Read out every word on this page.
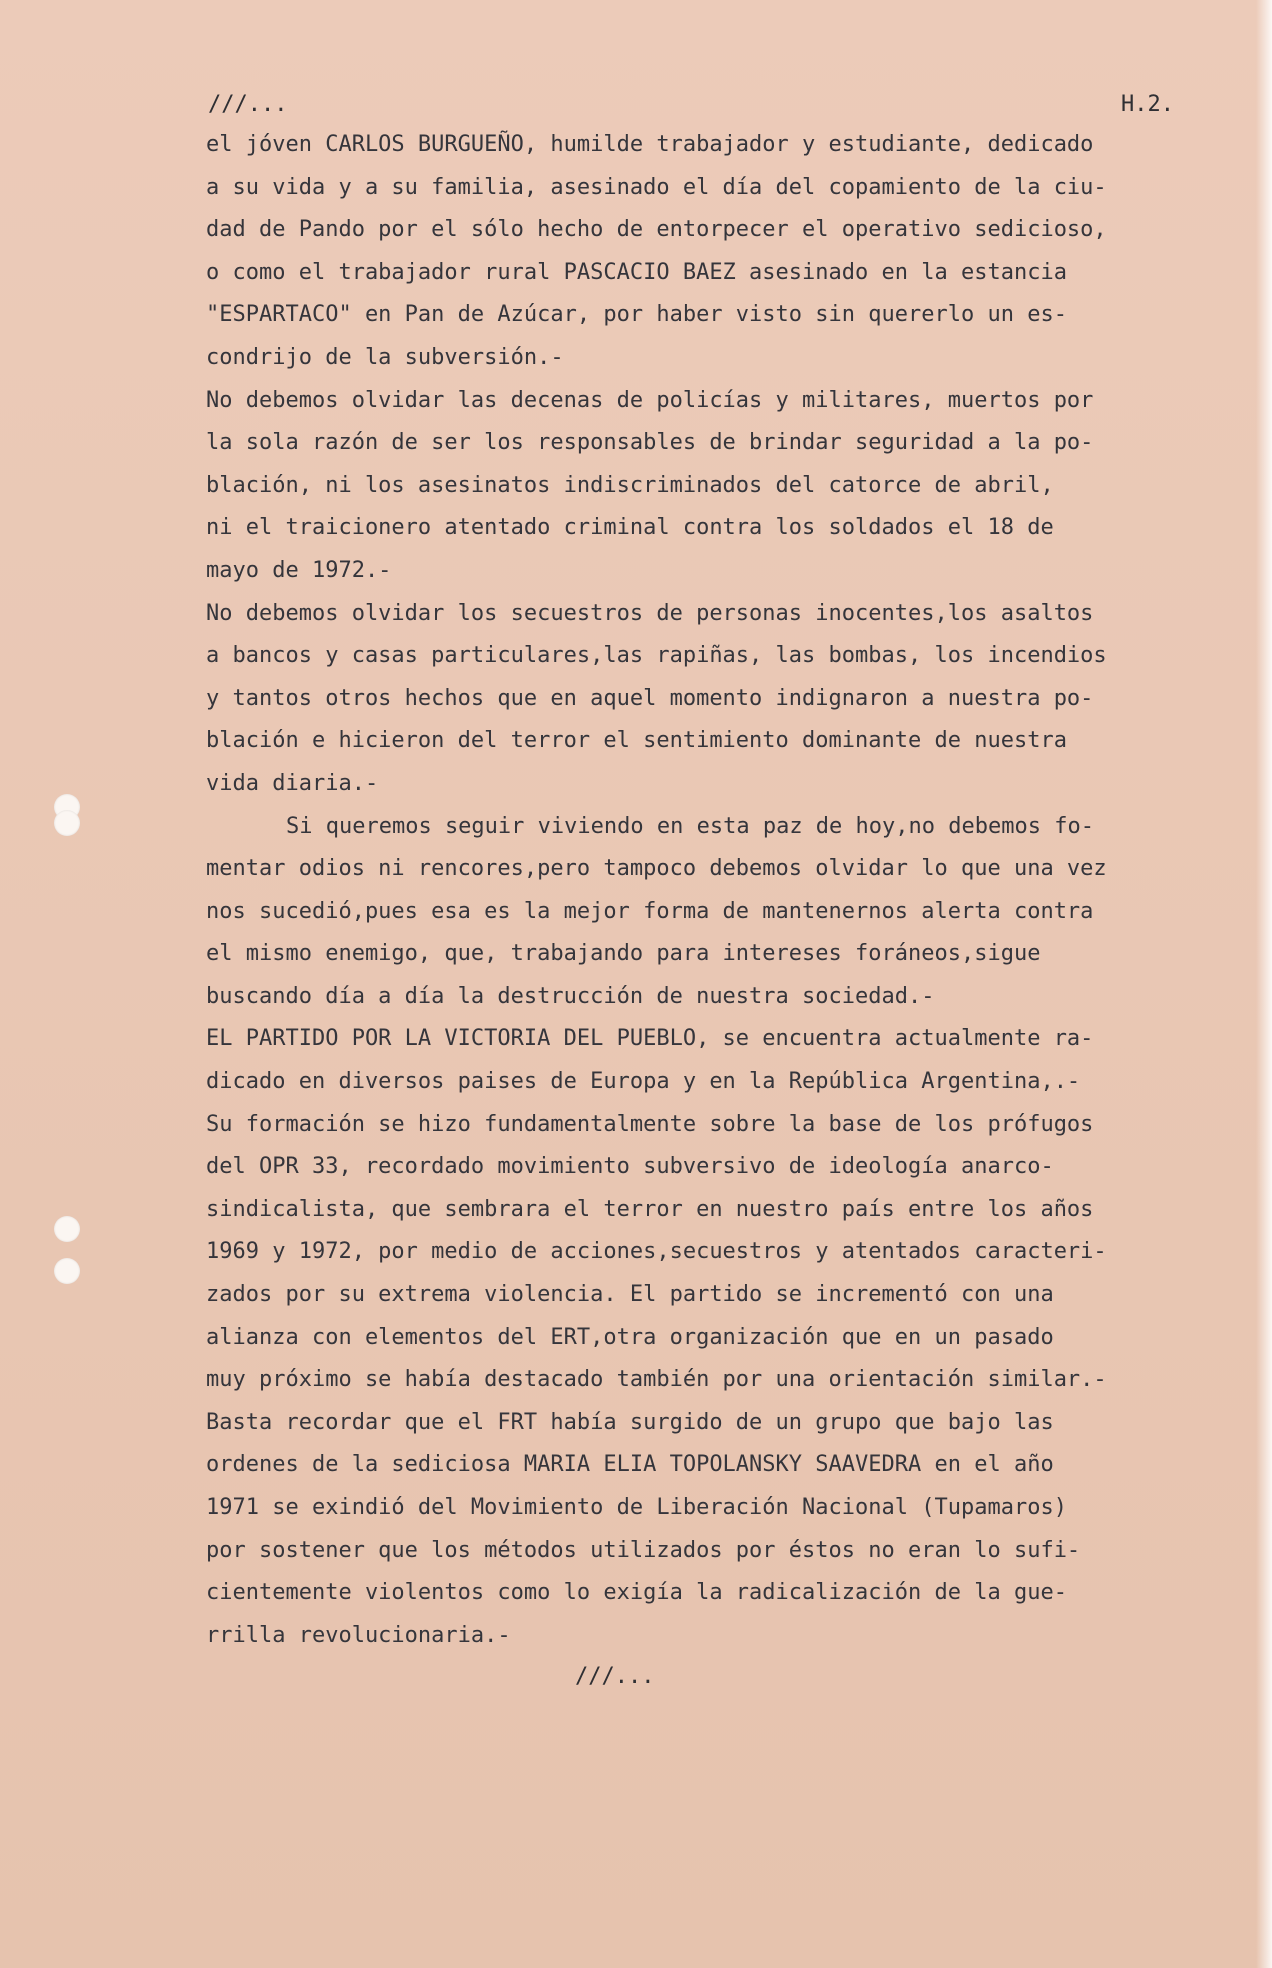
///...	H.2.
el jóven CARLOS BURGUEÑO, humilde trabajador y estudiante, dedicado
a su vida y a su familia, asesinado el día del copamiento de la ciu-
dad de Pando por el sólo hecho de entorpecer el operativo sedicioso,
o como el trabajador rural PASCACIO BAEZ asesinado en la estancia
"ESPARTACO" en Pan de Azúcar, por haber visto sin quererlo un es-
condrijo de la subversión.-
No debemos olvidar las decenas de policías y militares, muertos por
la sola razón de ser los responsables de brindar seguridad a la po-
blación, ni los asesinatos indiscriminados del catorce de abril,
ni el traicionero atentado criminal contra los soldados el 18 de
mayo de 1972.-
No debemos olvidar los secuestros de personas inocentes,los asaltos
a bancos y casas particulares,las rapiñas, las bombas, los incendios
y tantos otros hechos que en aquel momento indignaron a nuestra po-
blación e hicieron del terror el sentimiento dominante de nuestra
vida diaria.-
Si queremos seguir viviendo en esta paz de hoy,no debemos fo-
mentar odios ni rencores,pero tampoco debemos olvidar lo que una vez
nos sucedió,pues esa es la mejor forma de mantenernos alerta contra
el mismo enemigo, que, trabajando para intereses foráneos,sigue
buscando día a día la destrucción de nuestra sociedad.-
EL PARTIDO POR LA VICTORIA DEL PUEBLO, se encuentra actualmente ra-
dicado en diversos paises de Europa y en la República Argentina,.-
Su formación se hizo fundamentalmente sobre la base de los prófugos
del OPR 33, recordado movimiento subversivo de ideología anarco-
sindicalista, que sembrara el terror en nuestro país entre los años
1969 y 1972, por medio de acciones,secuestros y atentados caracteri-
zados por su extrema violencia. El partido se incrementó con una
alianza con elementos del ERT,otra organización que en un pasado
muy próximo se había destacado también por una orientación similar.-
Basta recordar que el FRT había surgido de un grupo que bajo las
ordenes de la sediciosa MARIA ELIA TOPOLANSKY SAAVEDRA en el año
1971 se exindió del Movimiento de Liberación Nacional (Tupamaros)
por sostener que los métodos utilizados por éstos no eran lo sufi-
cientemente violentos como lo exigía la radicalización de la gue-
rrilla revolucionaria.-
///...
